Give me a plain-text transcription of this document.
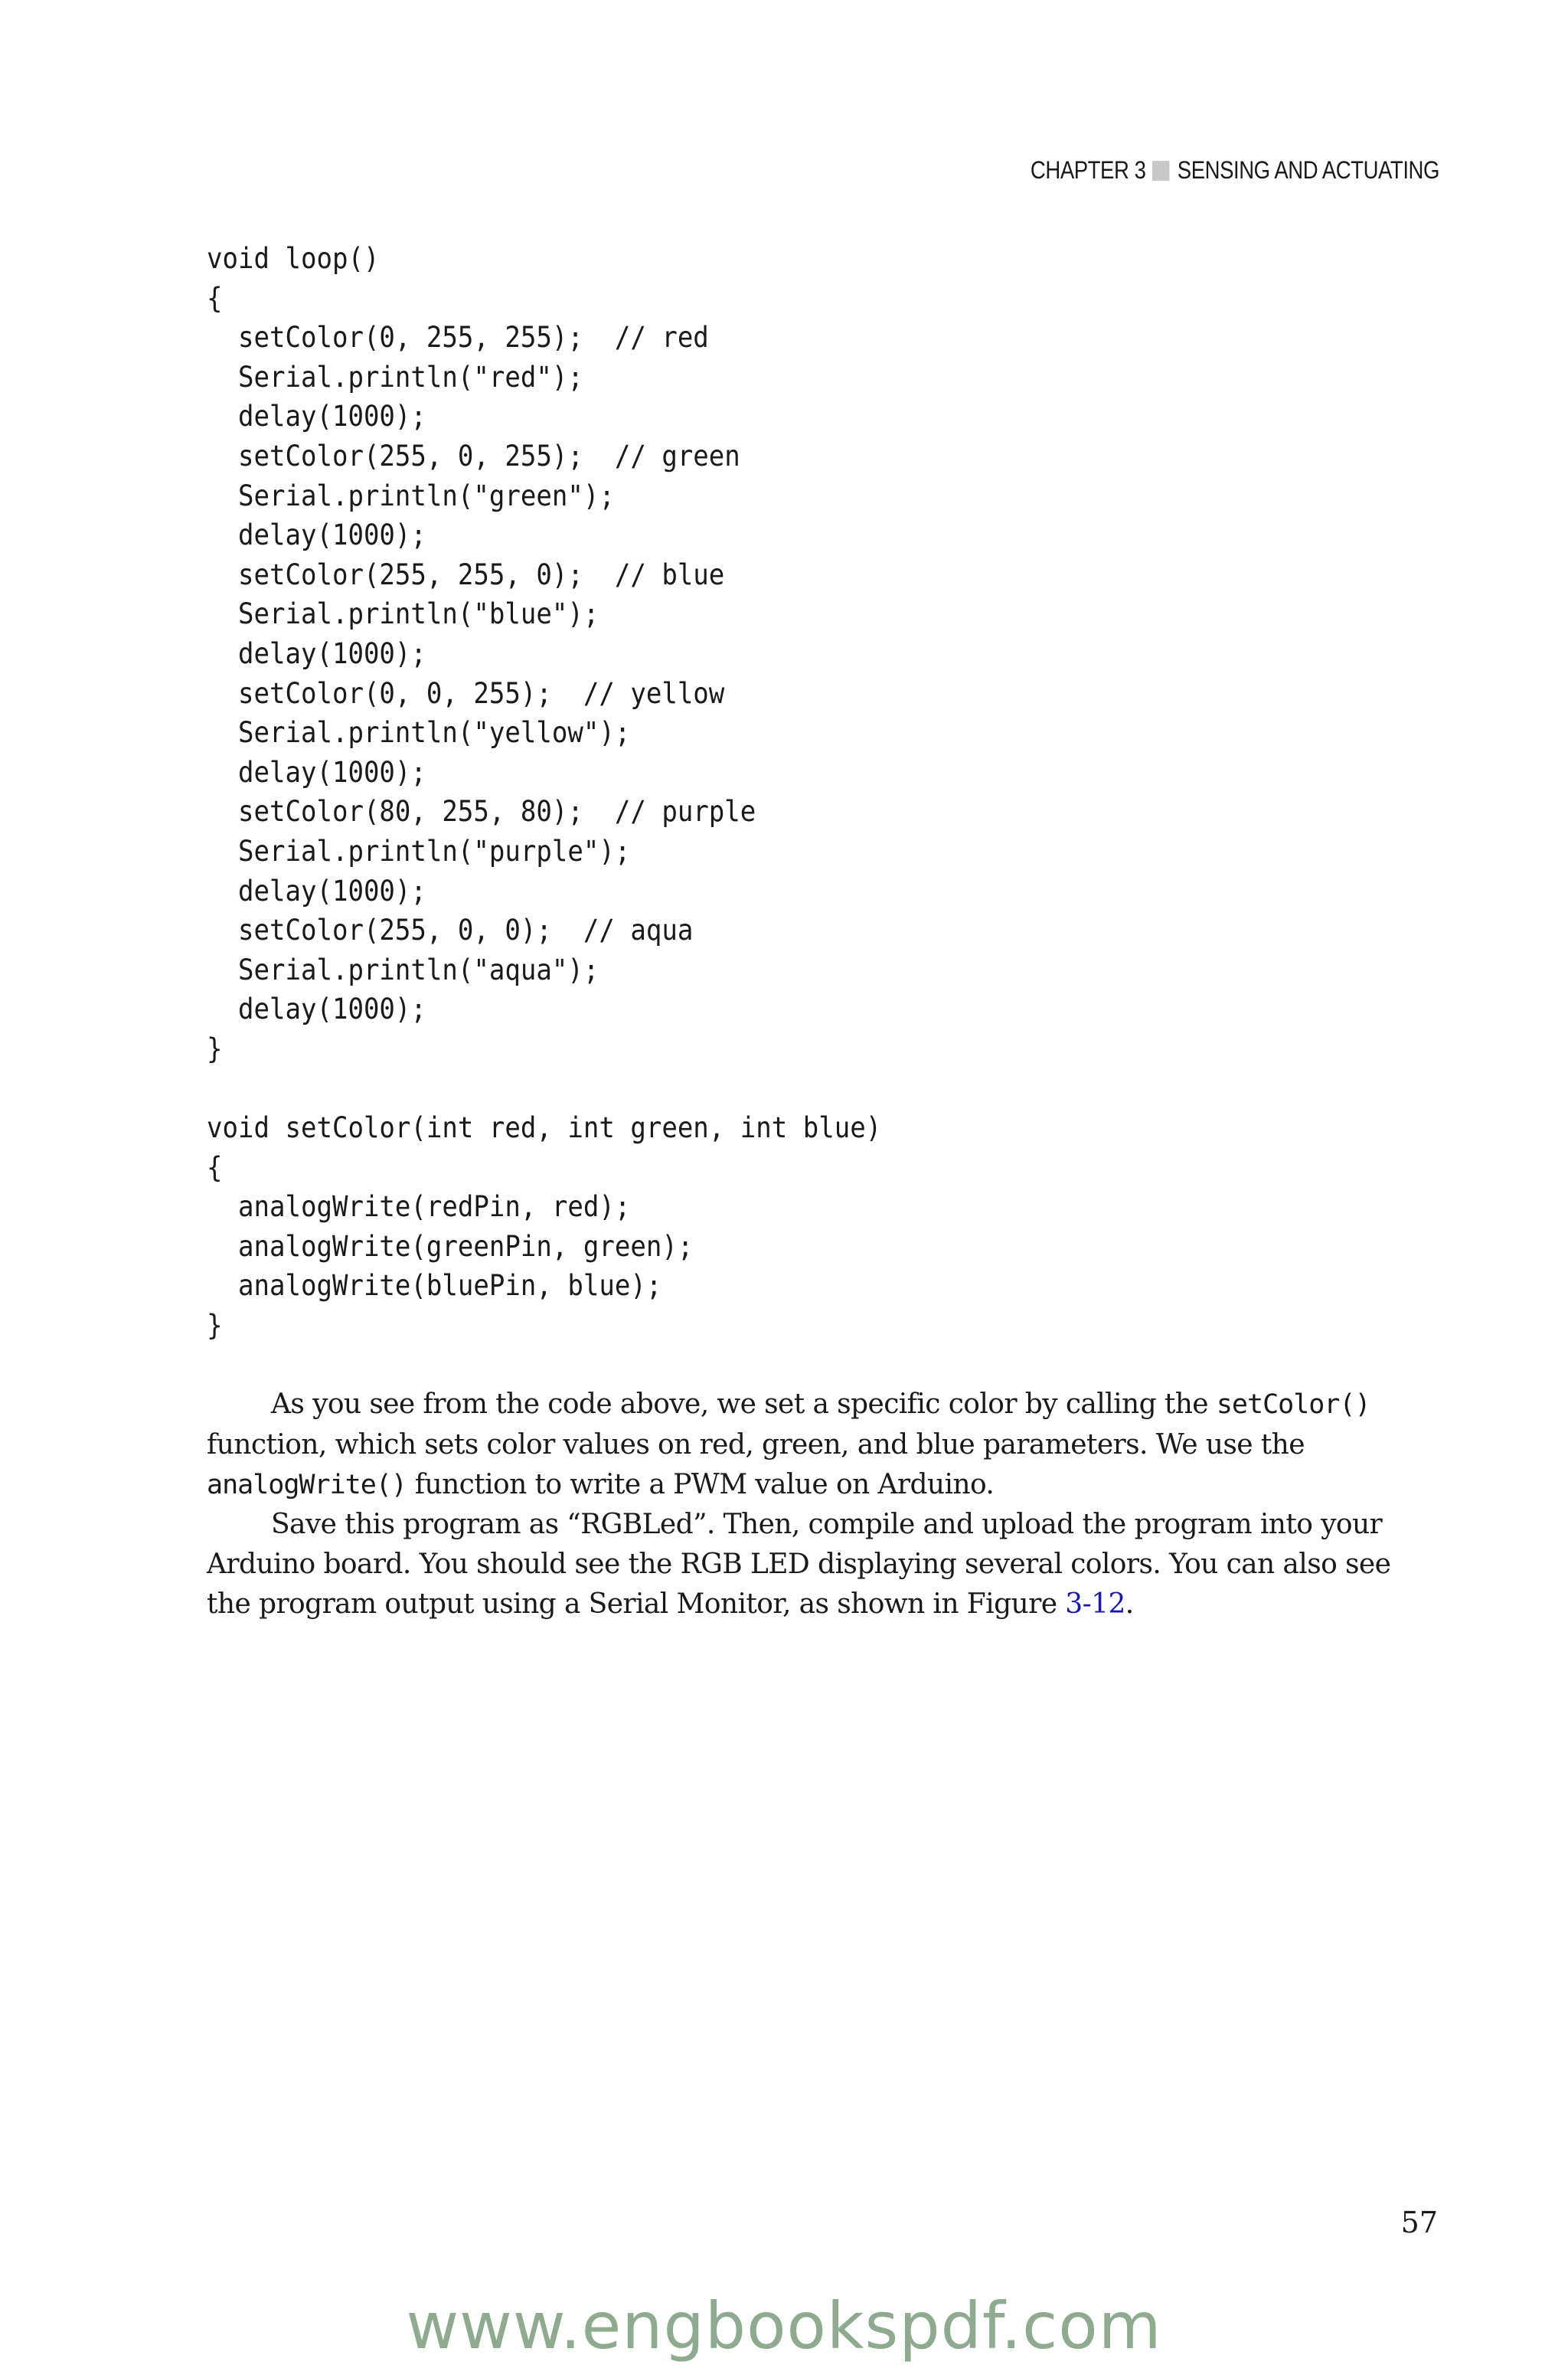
CHAPTER 3 SENSING AND ACTUATING
void loop()
{
setColor(0, 255, 255);  // red
Serial.println("red");
delay(1000);
setColor(255, 0, 255);  // green
Serial.println("green");
delay(1000);
setColor(255, 255, 0);  // blue
Serial.println("blue");
delay(1000);
setColor(0, 0, 255);  // yellow
Serial.println("yellow");
delay(1000);
setColor(80, 255, 80);  // purple
Serial.println("purple");
delay(1000);
setColor(255, 0, 0);  // aqua
Serial.println("aqua");
delay(1000);
}
void setColor(int red, int green, int blue)
{
analogWrite(redPin, red);
analogWrite(greenPin, green);
analogWrite(bluePin, blue);
}

As you see from the code above, we set a specific color by calling the setColor() function, which sets color values on red, green, and blue parameters. We use the analogWrite() function to write a PWM value on Arduino.

Save this program as “RGBLed”. Then, compile and upload the program into your Arduino board. You should see the RGB LED displaying several colors. You can also see the program output using a Serial Monitor, as shown in Figure 3-12.

57
www.engbookspdf.com
